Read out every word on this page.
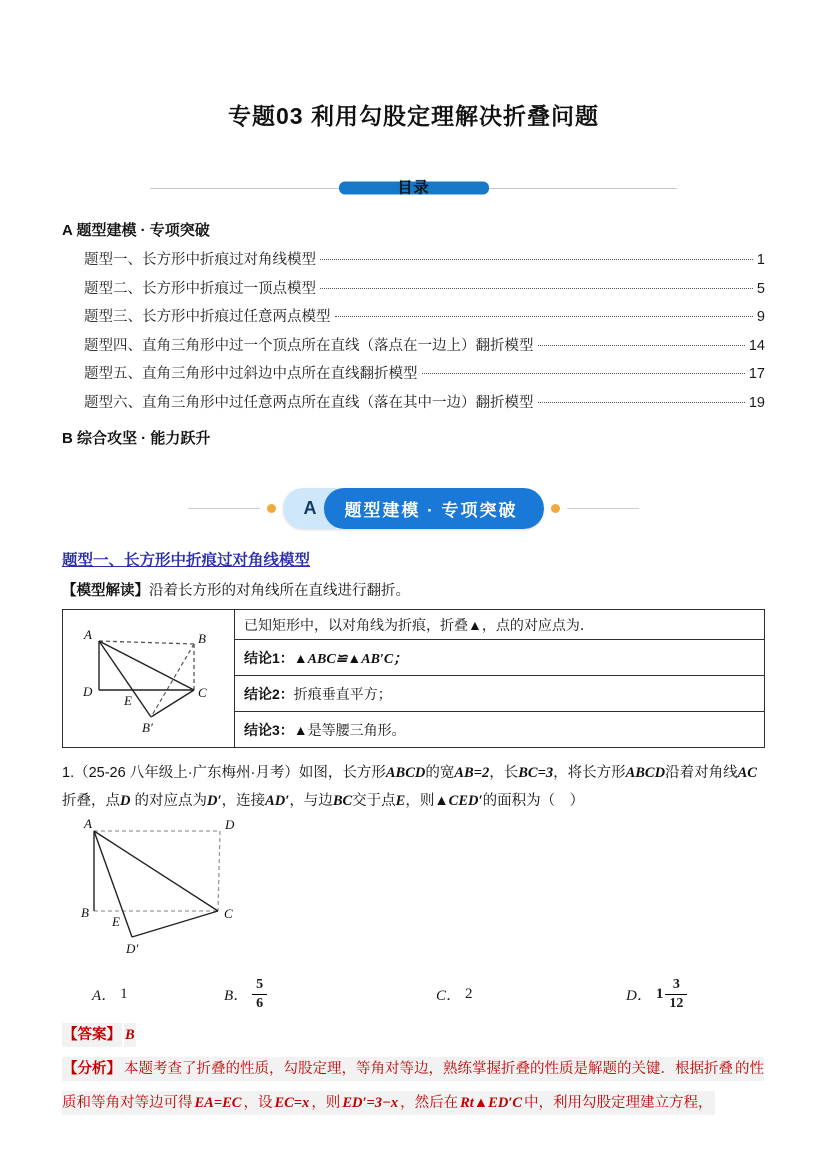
专题03 利用勾股定理解决折叠问题
目录
A 题型建模 · 专项突破
题型一、长方形中折痕过对角线模型	1
题型二、长方形中折痕过一顶点模型	5
题型三、长方形中折痕过任意两点模型	9
题型四、直角三角形中过一个顶点所在直线（落点在一边上）翻折模型	14
题型五、直角三角形中过斜边中点所在直线翻折模型	17
题型六、直角三角形中过任意两点所在直线（落在其中一边）翻折模型	19
B 综合攻坚 · 能力跃升
A	题型建模 · 专项突破
题型一、长方形中折痕过对角线模型

【模型解读】沿着长方形的对角线所在直线进行翻折。

A	B
D	C
E
B′
	已知矩形中，以对角线为折痕，折叠▲，点的对应点为．
结论1：▲ABC≌▲AB′C；
结论2：折痕垂直平方；
结论3：▲是等腰三角形。

1.（25-26 八年级上·广东梅州·月考）如图，长方形ABCD的宽AB=2，长BC=3，将长方形ABCD沿着对角线AC折叠，点D 的对应点为D′，连接AD′，与边BC交于点E，则▲CED′的面积为（　）

A	D
B	C
E
D′
A． 1	B． $\frac{5}{6}$	C． 2	D． $1 \frac{3}{12}$
【答案】 B
【分析】 本题考查了折叠的性质，勾股定理，等角对等边，熟练掌握折叠的性质是解题的关键．根据折叠 的性质和等角对等边可得 EA=EC ，设 EC=x ，则 ED′=3−x ，然后在 Rt▲ED′C 中，利用勾股定理建立方程，
